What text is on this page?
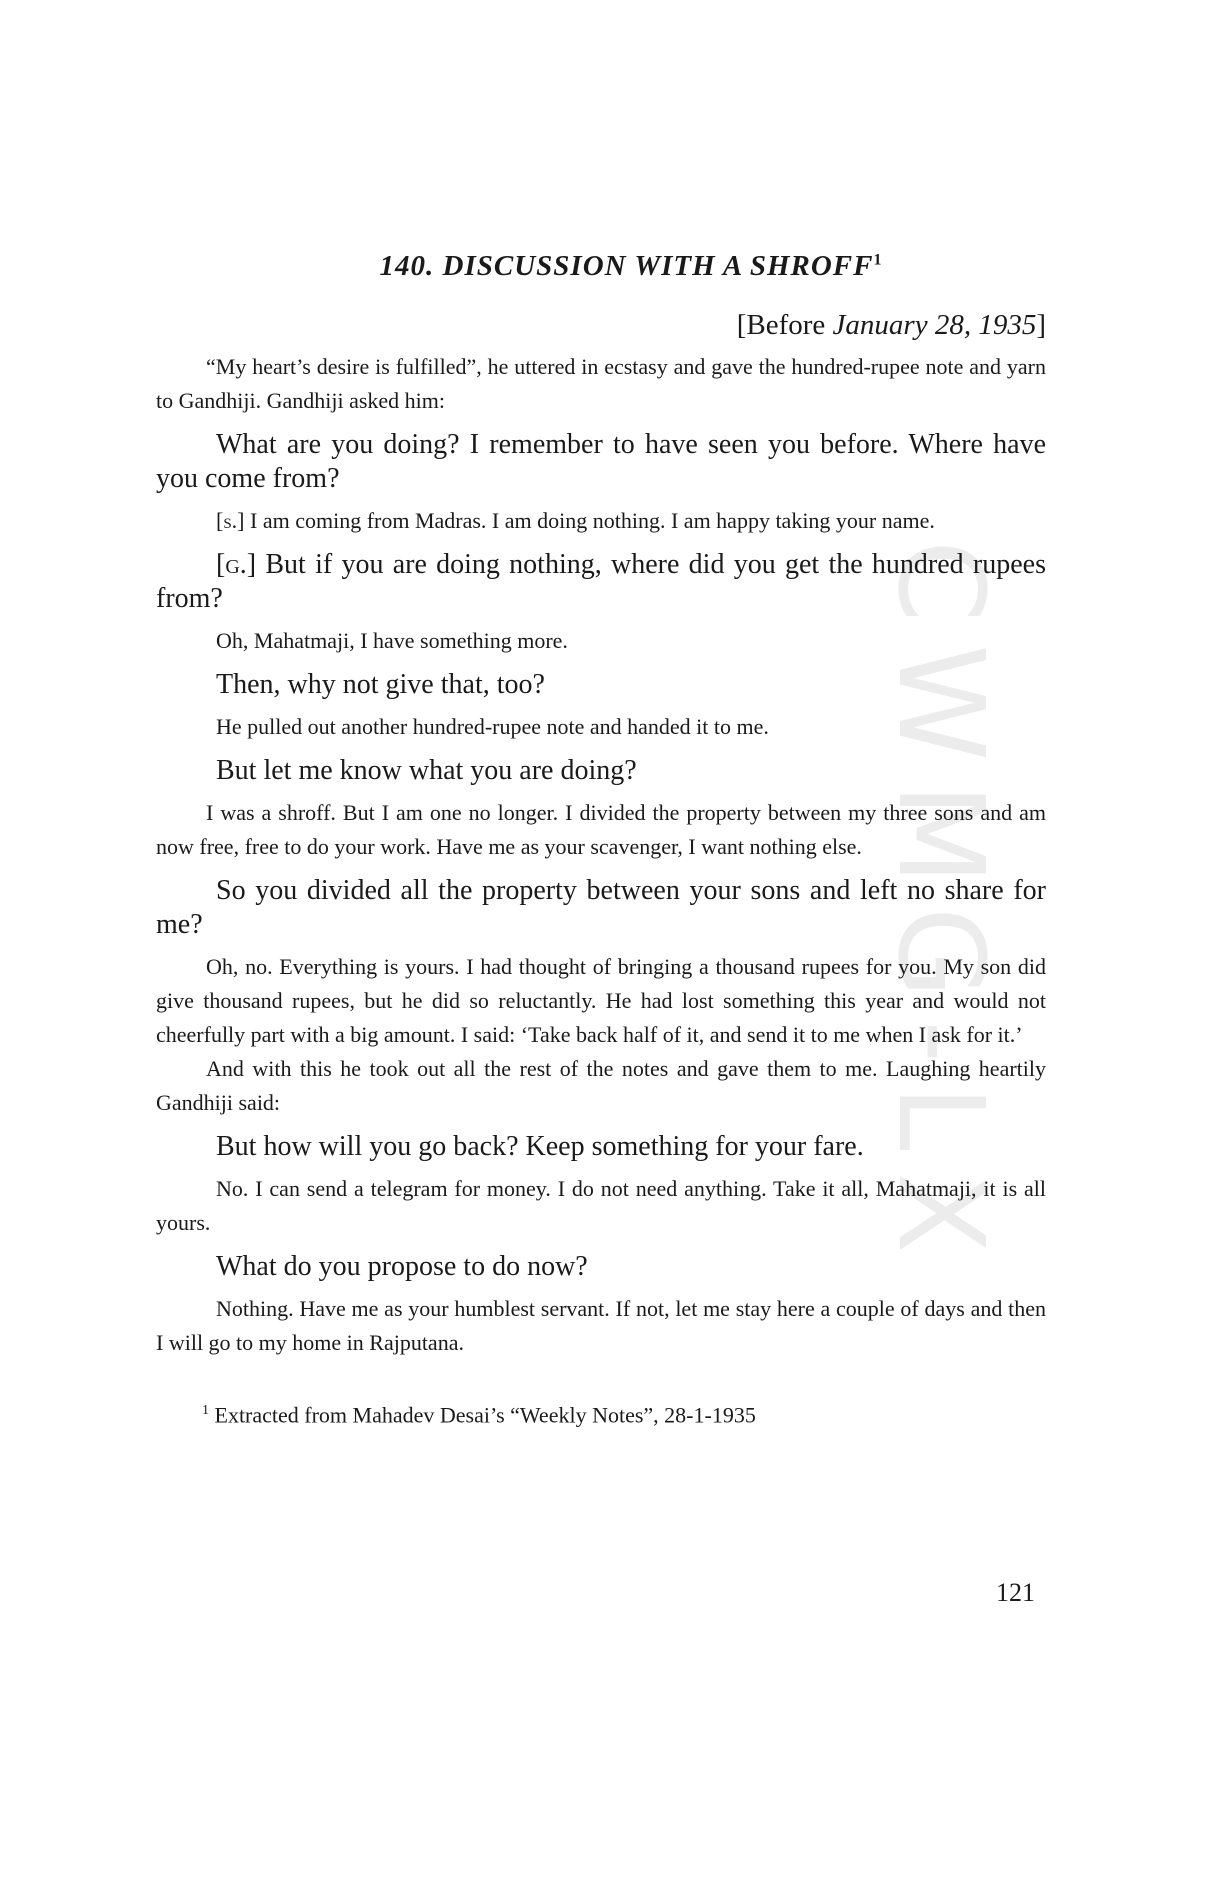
CWMG-LX
140. DISCUSSION WITH A SHROFF$^1$
[Before January 28, 1935]

“My heart’s desire is fulfilled”, he uttered in ecstasy and gave the hundred-rupee note and yarn to Gandhiji. Gandhiji asked him:

What are you doing? I remember to have seen you before. Where have you come from?

[s.] I am coming from Madras. I am doing nothing. I am happy taking your name.

[g.] But if you are doing nothing, where did you get the hundred rupees from?

Oh, Mahatmaji, I have something more.

Then, why not give that, too?

He pulled out another hundred-rupee note and handed it to me.

But let me know what you are doing?

I was a shroff. But I am one no longer. I divided the property between my three sons and am now free, free to do your work. Have me as your scavenger, I want nothing else.

So you divided all the property between your sons and left no share for me?

Oh, no. Everything is yours. I had thought of bringing a thousand rupees for you. My son did give thousand rupees, but he did so reluctantly. He had lost something this year and would not cheerfully part with a big amount. I said: ‘Take back half of it, and send it to me when I ask for it.’

And with this he took out all the rest of the notes and gave them to me. Laughing heartily Gandhiji said:

But how will you go back? Keep something for your fare.

No. I can send a telegram for money. I do not need anything. Take it all, Mahatmaji, it is all yours.

What do you propose to do now?

Nothing. Have me as your humblest servant. If not, let me stay here a couple of days and then I will go to my home in Rajputana.

$^1$ Extracted from Mahadev Desai’s “Weekly Notes”, 28-1-1935

121
